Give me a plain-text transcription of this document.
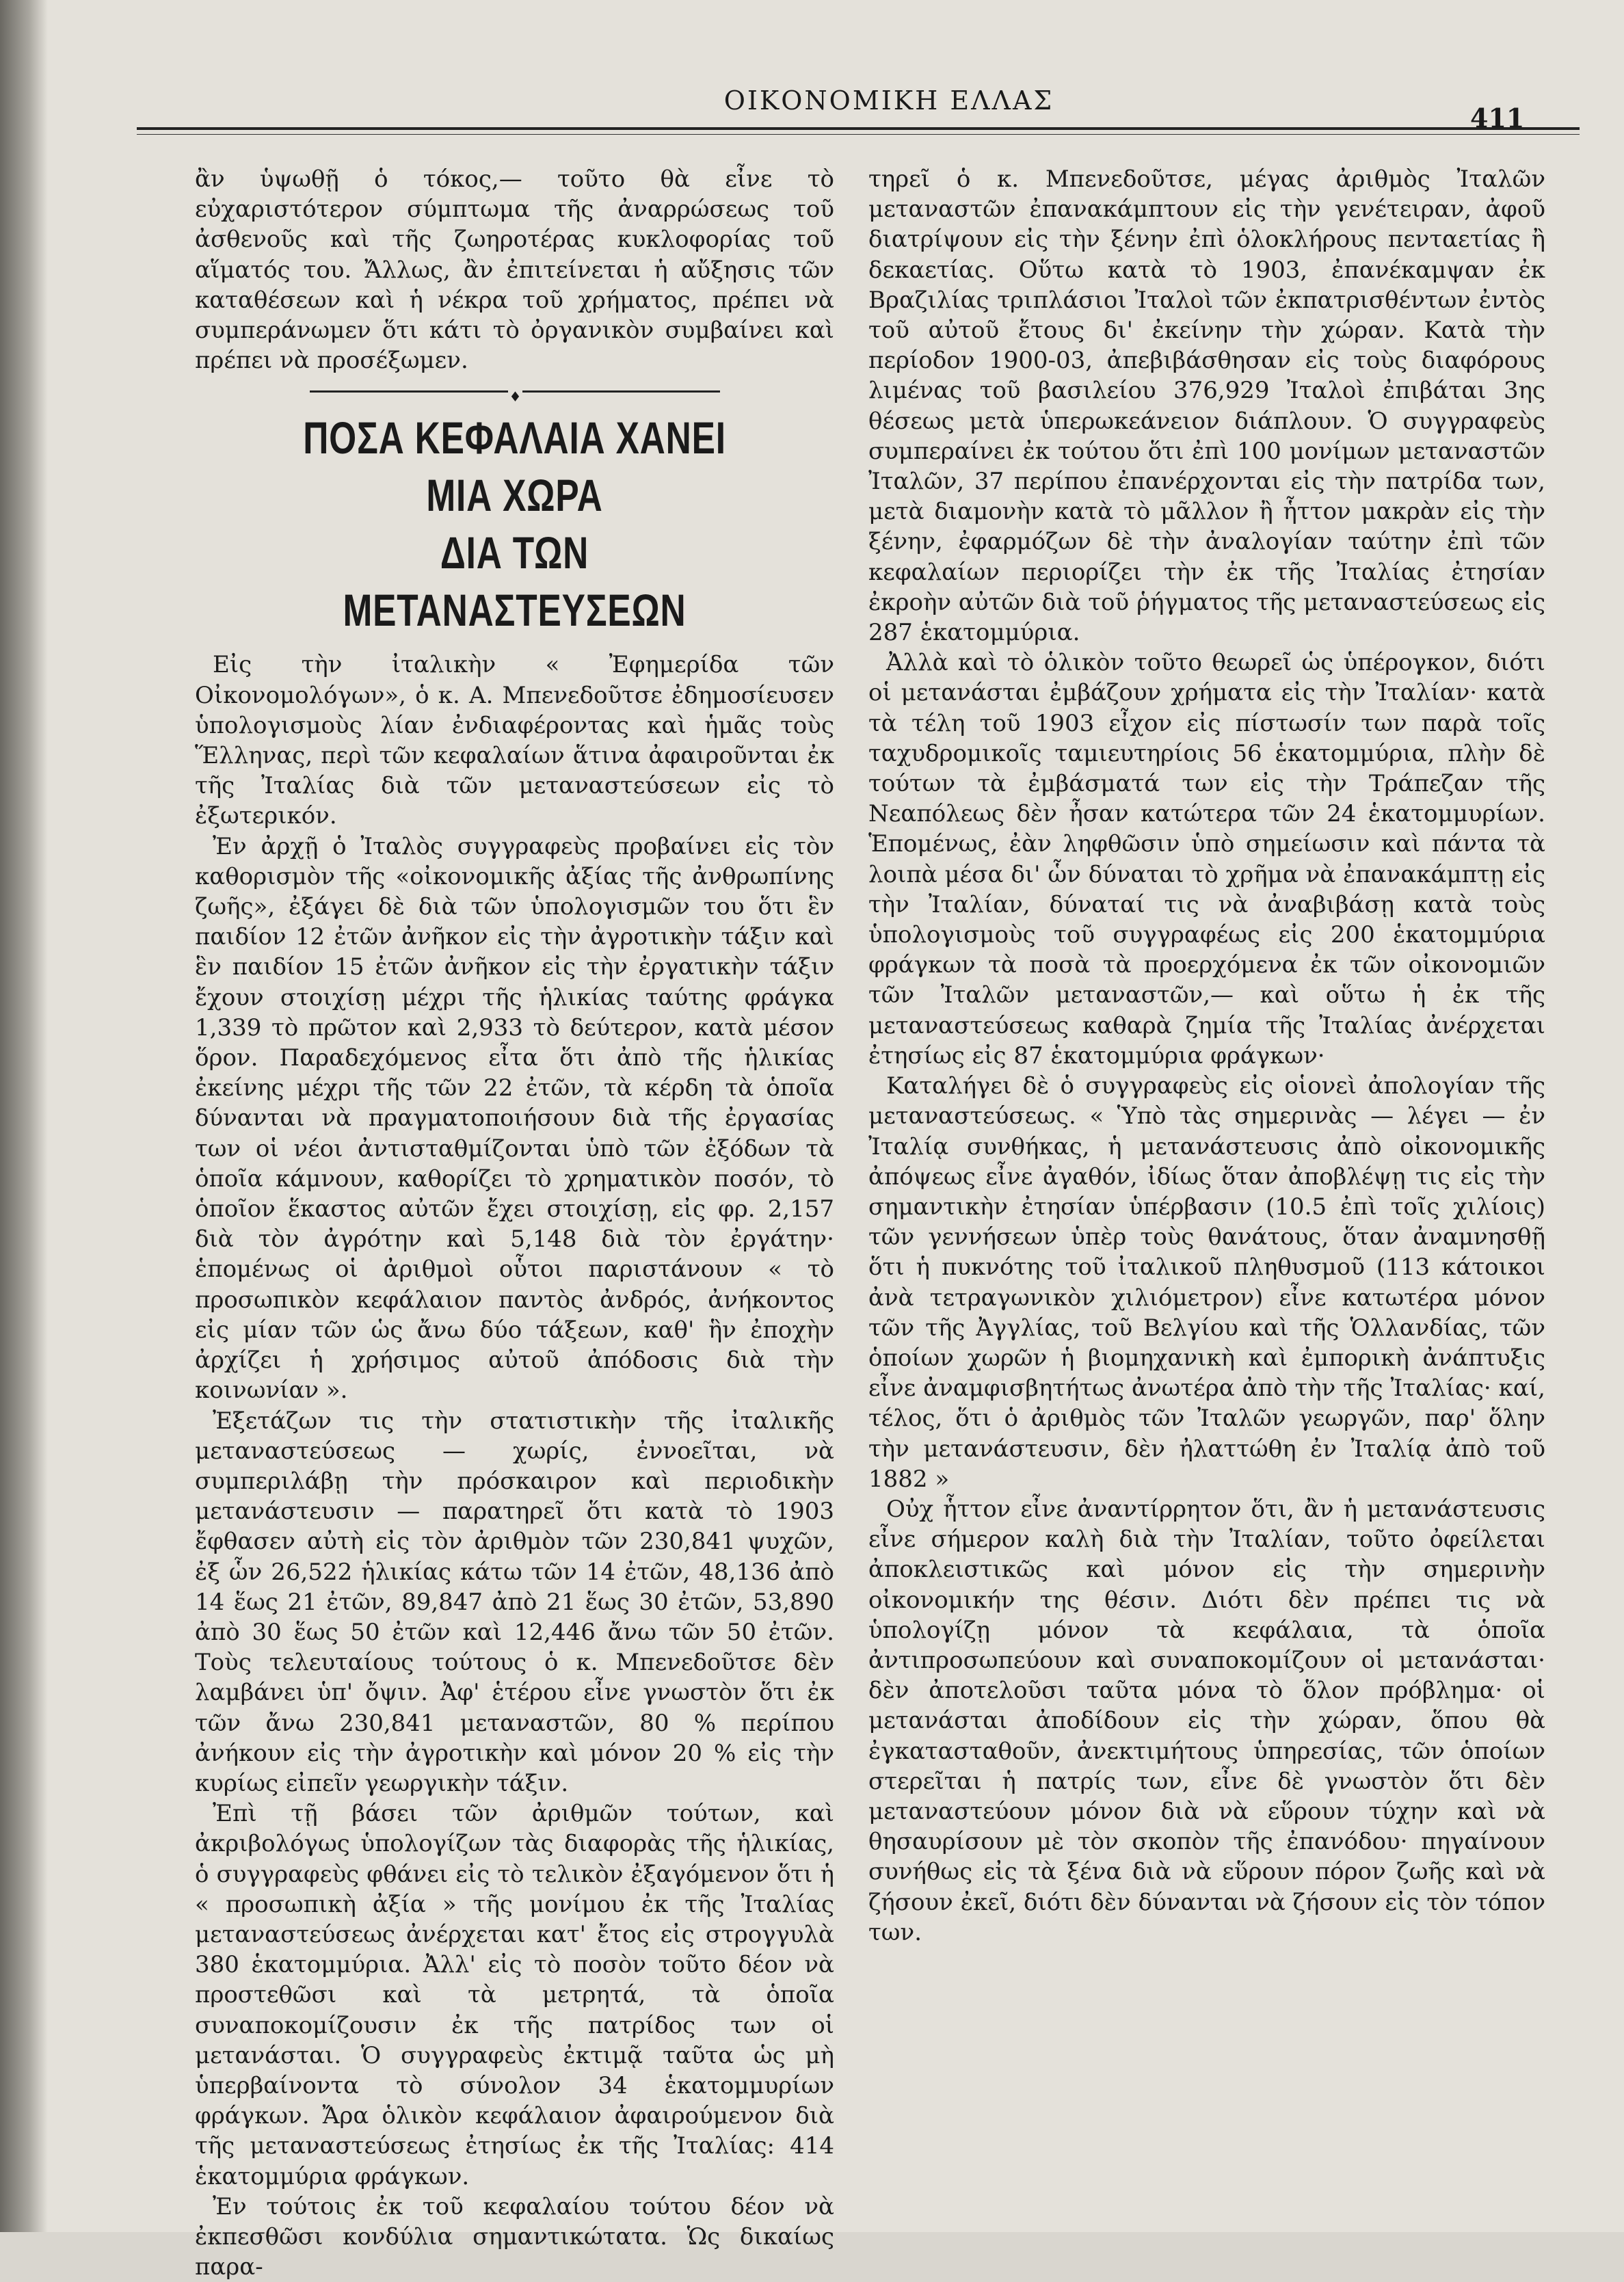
ΟΙΚΟΝΟΜΙΚΗ ΕΛΛΑΣ
411

ἂν ὑψωθῇ ὁ τόκος,— τοῦτο θὰ εἶνε τὸ εὐχαριστότερον σύμπτωμα τῆς ἀναρρώσεως τοῦ ἀσθενοῦς καὶ τῆς ζωηροτέρας κυκλοφορίας τοῦ αἵματός του. Ἄλλως, ἂν ἐπιτείνεται ἡ αὔξησις τῶν καταθέσεων καὶ ἡ νέκρα τοῦ χρήματος, πρέπει νὰ συμπεράνωμεν ὅτι κάτι τὸ ὀργανικὸν συμβαίνει καὶ πρέπει νὰ προσέξωμεν.

♦

ΠΟΣΑ ΚΕΦΑΛΑΙΑ ΧΑΝΕΙ ΜΙΑ ΧΩΡΑ

ΔΙΑ ΤΩΝ ΜΕΤΑΝΑΣΤΕΥΣΕΩΝ

Εἰς τὴν ἰταλικὴν « Ἐφημερίδα τῶν Οἰκονομολόγων», ὁ κ. Α. Μπενεδοῦτσε ἐδημοσίευσεν ὑπολογισμοὺς λίαν ἐνδιαφέροντας καὶ ἡμᾶς τοὺς Ἕλληνας, περὶ τῶν κεφαλαίων ἅτινα ἀφαιροῦνται ἐκ τῆς Ἰταλίας διὰ τῶν μεταναστεύσεων εἰς τὸ ἐξωτερικόν.

Ἐν ἀρχῇ ὁ Ἰταλὸς συγγραφεὺς προβαίνει εἰς τὸν καθορισμὸν τῆς «οἰκονομικῆς ἀξίας τῆς ἀνθρωπίνης ζωῆς», ἐξάγει δὲ διὰ τῶν ὑπολογισμῶν του ὅτι ἓν παιδίον 12 ἐτῶν ἀνῆκον εἰς τὴν ἀγροτικὴν τάξιν καὶ ἓν παιδίον 15 ἐτῶν ἀνῆκον εἰς τὴν ἐργατικὴν τάξιν ἔχουν στοιχίσῃ μέχρι τῆς ἡλικίας ταύτης φράγκα 1,339 τὸ πρῶτον καὶ 2,933 τὸ δεύτερον, κατὰ μέσον ὅρον. Παραδεχόμενος εἶτα ὅτι ἀπὸ τῆς ἡλικίας ἐκείνης μέχρι τῆς τῶν 22 ἐτῶν, τὰ κέρδη τὰ ὁποῖα δύνανται νὰ πραγματοποιήσουν διὰ τῆς ἐργασίας των οἱ νέοι ἀντισταθμίζονται ὑπὸ τῶν ἐξόδων τὰ ὁποῖα κάμνουν, καθορίζει τὸ χρηματικὸν ποσόν, τὸ ὁποῖον ἕκαστος αὐτῶν ἔχει στοιχίσῃ, εἰς φρ. 2,157 διὰ τὸν ἀγρότην καὶ 5,148 διὰ τὸν ἐργάτην· ἑπομένως οἱ ἀριθμοὶ οὗτοι παριστάνουν « τὸ προσωπικὸν κεφάλαιον παντὸς ἀνδρός, ἀνήκοντος εἰς μίαν τῶν ὡς ἄνω δύο τάξεων, καθ' ἣν ἐποχὴν ἀρχίζει ἡ χρήσιμος αὐτοῦ ἀπόδοσις διὰ τὴν κοινωνίαν ».

Ἐξετάζων τις τὴν στατιστικὴν τῆς ἰταλικῆς μεταναστεύσεως — χωρίς, ἐννοεῖται, νὰ συμπεριλάβῃ τὴν πρόσκαιρον καὶ περιοδικὴν μετανάστευσιν — παρατηρεῖ ὅτι κατὰ τὸ 1903 ἔφθασεν αὐτὴ εἰς τὸν ἀριθμὸν τῶν 230,841 ψυχῶν, ἐξ ὧν 26,522 ἡλικίας κάτω τῶν 14 ἐτῶν, 48,136 ἀπὸ 14 ἕως 21 ἐτῶν, 89,847 ἀπὸ 21 ἕως 30 ἐτῶν, 53,890 ἀπὸ 30 ἕως 50 ἐτῶν καὶ 12,446 ἄνω τῶν 50 ἐτῶν. Τοὺς τελευταίους τούτους ὁ κ. Μπενεδοῦτσε δὲν λαμβάνει ὑπ' ὄψιν. Ἀφ' ἑτέρου εἶνε γνωστὸν ὅτι ἐκ τῶν ἄνω 230,841 μεταναστῶν, 80 % περίπου ἀνήκουν εἰς τὴν ἀγροτικὴν καὶ μόνον 20 % εἰς τὴν κυρίως εἰπεῖν γεωργικὴν τάξιν.

Ἐπὶ τῇ βάσει τῶν ἀριθμῶν τούτων, καὶ ἀκριβολόγως ὑπολογίζων τὰς διαφορὰς τῆς ἡλικίας, ὁ συγγραφεὺς φθάνει εἰς τὸ τελικὸν ἐξαγόμενον ὅτι ἡ « προσωπικὴ ἀξία » τῆς μονίμου ἐκ τῆς Ἰταλίας μεταναστεύσεως ἀνέρχεται κατ' ἔτος εἰς στρογγυλὰ 380 ἑκατομμύρια. Ἀλλ' εἰς τὸ ποσὸν τοῦτο δέον νὰ προστεθῶσι καὶ τὰ μετρητά, τὰ ὁποῖα συναποκομίζουσιν ἐκ τῆς πατρίδος των οἱ μετανάσται. Ὁ συγγραφεὺς ἐκτιμᾷ ταῦτα ὡς μὴ ὑπερβαίνοντα τὸ σύνολον 34 ἑκατομμυρίων φράγκων. Ἄρα ὁλικὸν κεφάλαιον ἀφαιρούμενον διὰ τῆς μεταναστεύσεως ἐτησίως ἐκ τῆς Ἰταλίας: 414 ἑκατομμύρια φράγκων.

Ἐν τούτοις ἐκ τοῦ κεφαλαίου τούτου δέον νὰ ἐκπεσθῶσι κονδύλια σημαντικώτατα. Ὡς δικαίως παρα-

τηρεῖ ὁ κ. Μπενεδοῦτσε, μέγας ἀριθμὸς Ἰταλῶν μεταναστῶν ἐπανακάμπτουν εἰς τὴν γενέτειραν, ἀφοῦ διατρίψουν εἰς τὴν ξένην ἐπὶ ὁλοκλήρους πενταετίας ἢ δεκαετίας. Οὕτω κατὰ τὸ 1903, ἐπανέκαμψαν ἐκ Βραζιλίας τριπλάσιοι Ἰταλοὶ τῶν ἐκπατρισθέντων ἐντὸς τοῦ αὐτοῦ ἔτους δι' ἐκείνην τὴν χώραν. Κατὰ τὴν περίοδον 1900-03, ἀπεβιβάσθησαν εἰς τοὺς διαφόρους λιμένας τοῦ βασιλείου 376,929 Ἰταλοὶ ἐπιβάται 3ης θέσεως μετὰ ὑπερωκεάνειον διάπλουν. Ὁ συγγραφεὺς συμπεραίνει ἐκ τούτου ὅτι ἐπὶ 100 μονίμων μεταναστῶν Ἰταλῶν, 37 περίπου ἐπανέρχονται εἰς τὴν πατρίδα των, μετὰ διαμονὴν κατὰ τὸ μᾶλλον ἢ ἧττον μακρὰν εἰς τὴν ξένην, ἐφαρμόζων δὲ τὴν ἀναλογίαν ταύτην ἐπὶ τῶν κεφαλαίων περιορίζει τὴν ἐκ τῆς Ἰταλίας ἐτησίαν ἐκροὴν αὐτῶν διὰ τοῦ ῥήγματος τῆς μεταναστεύσεως εἰς 287 ἑκατομμύρια.

Ἀλλὰ καὶ τὸ ὁλικὸν τοῦτο θεωρεῖ ὡς ὑπέρογκον, διότι οἱ μετανάσται ἐμβάζουν χρήματα εἰς τὴν Ἰταλίαν· κατὰ τὰ τέλη τοῦ 1903 εἶχον εἰς πίστωσίν των παρὰ τοῖς ταχυδρομικοῖς ταμιευτηρίοις 56 ἑκατομμύρια, πλὴν δὲ τούτων τὰ ἐμβάσματά των εἰς τὴν Τράπεζαν τῆς Νεαπόλεως δὲν ἦσαν κατώτερα τῶν 24 ἑκατομμυρίων. Ἑπομένως, ἐὰν ληφθῶσιν ὑπὸ σημείωσιν καὶ πάντα τὰ λοιπὰ μέσα δι' ὧν δύναται τὸ χρῆμα νὰ ἐπανακάμπτῃ εἰς τὴν Ἰταλίαν, δύναταί τις νὰ ἀναβιβάσῃ κατὰ τοὺς ὑπολογισμοὺς τοῦ συγγραφέως εἰς 200 ἑκατομμύρια φράγκων τὰ ποσὰ τὰ προερχόμενα ἐκ τῶν οἰκονομιῶν τῶν Ἰταλῶν μεταναστῶν,— καὶ οὕτω ἡ ἐκ τῆς μεταναστεύσεως καθαρὰ ζημία τῆς Ἰταλίας ἀνέρχεται ἐτησίως εἰς 87 ἑκατομμύρια φράγκων·

Καταλήγει δὲ ὁ συγγραφεὺς εἰς οἱονεὶ ἀπολογίαν τῆς μεταναστεύσεως. « Ὑπὸ τὰς σημερινὰς — λέγει — ἐν Ἰταλίᾳ συνθήκας, ἡ μετανάστευσις ἀπὸ οἰκονομικῆς ἀπόψεως εἶνε ἀγαθόν, ἰδίως ὅταν ἀποβλέψῃ τις εἰς τὴν σημαντικὴν ἐτησίαν ὑπέρβασιν (10.5 ἐπὶ τοῖς χιλίοις) τῶν γεννήσεων ὑπὲρ τοὺς θανάτους, ὅταν ἀναμνησθῇ ὅτι ἡ πυκνότης τοῦ ἰταλικοῦ πληθυσμοῦ (113 κάτοικοι ἀνὰ τετραγωνικὸν χιλιόμετρον) εἶνε κατωτέρα μόνον τῶν τῆς Ἀγγλίας, τοῦ Βελγίου καὶ τῆς Ὁλλανδίας, τῶν ὁποίων χωρῶν ἡ βιομηχανικὴ καὶ ἐμπορικὴ ἀνάπτυξις εἶνε ἀναμφισβητήτως ἀνωτέρα ἀπὸ τὴν τῆς Ἰταλίας· καί, τέλος, ὅτι ὁ ἀριθμὸς τῶν Ἰταλῶν γεωργῶν, παρ' ὅλην τὴν μετανάστευσιν, δὲν ἠλαττώθη ἐν Ἰταλίᾳ ἀπὸ τοῦ 1882 »

Οὐχ ἧττον εἶνε ἀναντίρρητον ὅτι, ἂν ἡ μετανάστευσις εἶνε σήμερον καλὴ διὰ τὴν Ἰταλίαν, τοῦτο ὀφείλεται ἀποκλειστικῶς καὶ μόνον εἰς τὴν σημερινὴν οἰκονομικήν της θέσιν. Διότι δὲν πρέπει τις νὰ ὑπολογίζῃ μόνον τὰ κεφάλαια, τὰ ὁποῖα ἀντιπροσωπεύουν καὶ συναποκομίζουν οἱ μετανάσται· δὲν ἀποτελοῦσι ταῦτα μόνα τὸ ὅλον πρόβλημα· οἱ μετανάσται ἀποδίδουν εἰς τὴν χώραν, ὅπου θὰ ἐγκατασταθοῦν, ἀνεκτιμήτους ὑπηρεσίας, τῶν ὁποίων στερεῖται ἡ πατρίς των, εἶνε δὲ γνωστὸν ὅτι δὲν μεταναστεύουν μόνον διὰ νὰ εὕρουν τύχην καὶ νὰ θησαυρίσουν μὲ τὸν σκοπὸν τῆς ἐπανόδου· πηγαίνουν συνήθως εἰς τὰ ξένα διὰ νὰ εὕρουν πόρον ζωῆς καὶ νὰ ζήσουν ἐκεῖ, διότι δὲν δύνανται νὰ ζήσουν εἰς τὸν τόπον των.
